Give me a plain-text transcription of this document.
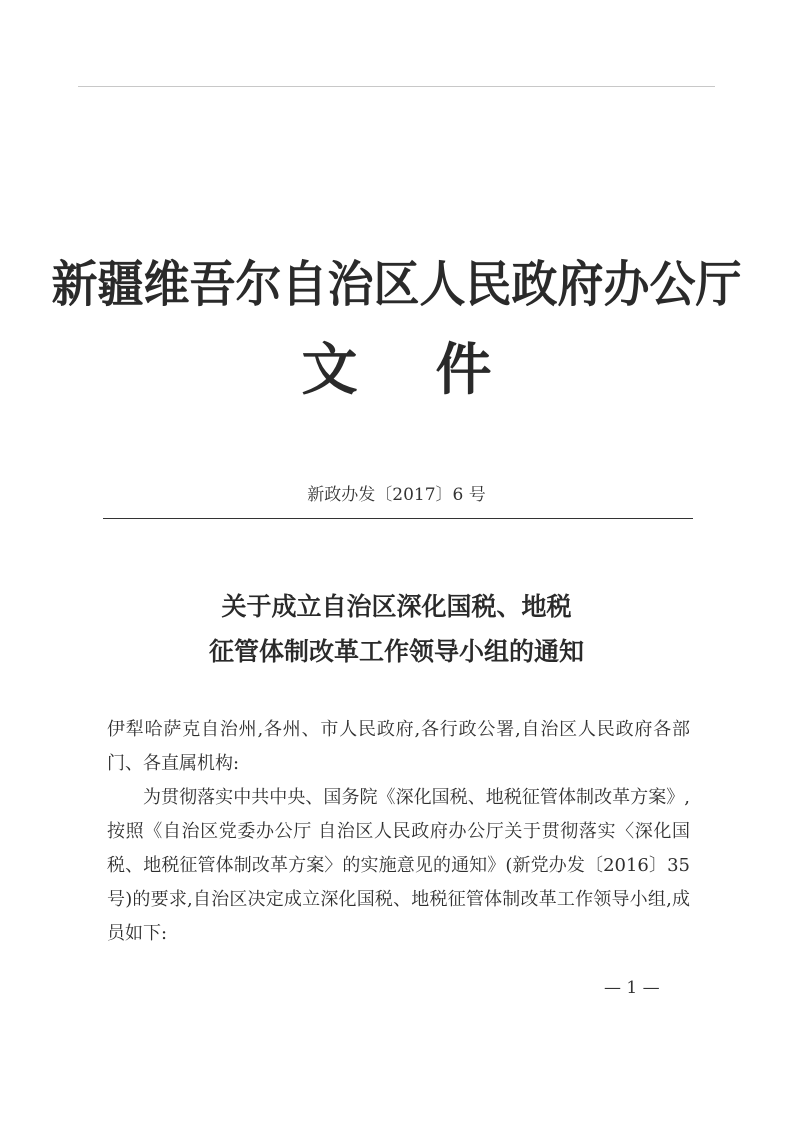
新疆维吾尔自治区人民政府办公厅
文    件
新政办发〔2017〕6 号
关于成立自治区深化国税、地税
征管体制改革工作领导小组的通知

伊犁哈萨克自治州,各州、市人民政府,各行政公署,自治区人民政府各部门、各直属机构:

为贯彻落实中共中央、国务院《深化国税、地税征管体制改革方案》,按照《自治区党委办公厅 自治区人民政府办公厅关于贯彻落实〈深化国税、地税征管体制改革方案〉的实施意见的通知》(新党办发〔2016〕35 号)的要求,自治区决定成立深化国税、地税征管体制改革工作领导小组,成员如下:

— 1 —
